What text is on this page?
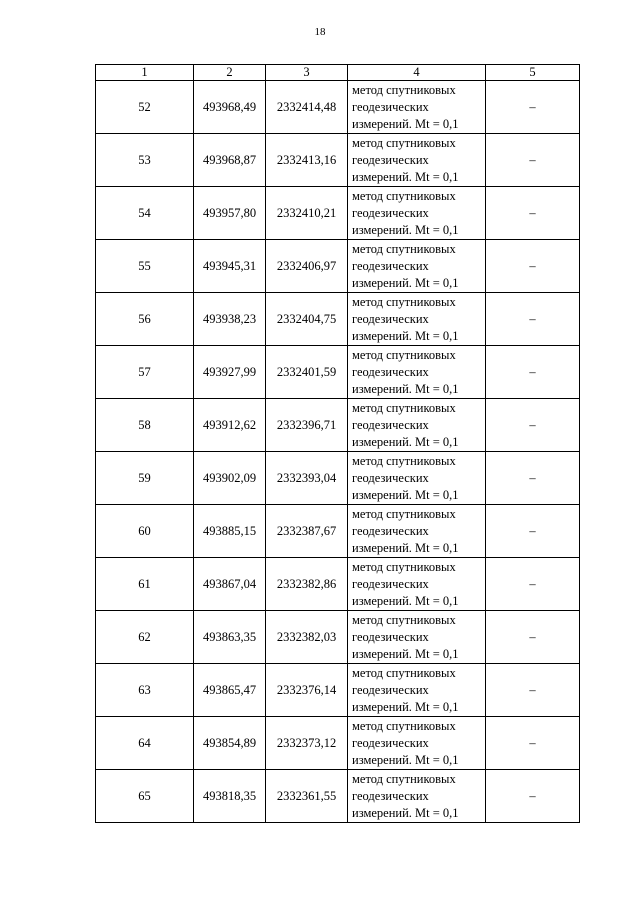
18
1	2	3	4	5
52	493968,49	2332414,48	метод спутниковых
геодезических
измерений. Mt = 0,1	–
53	493968,87	2332413,16	метод спутниковых
геодезических
измерений. Mt = 0,1	–
54	493957,80	2332410,21	метод спутниковых
геодезических
измерений. Mt = 0,1	–
55	493945,31	2332406,97	метод спутниковых
геодезических
измерений. Mt = 0,1	–
56	493938,23	2332404,75	метод спутниковых
геодезических
измерений. Mt = 0,1	–
57	493927,99	2332401,59	метод спутниковых
геодезических
измерений. Mt = 0,1	–
58	493912,62	2332396,71	метод спутниковых
геодезических
измерений. Mt = 0,1	–
59	493902,09	2332393,04	метод спутниковых
геодезических
измерений. Mt = 0,1	–
60	493885,15	2332387,67	метод спутниковых
геодезических
измерений. Mt = 0,1	–
61	493867,04	2332382,86	метод спутниковых
геодезических
измерений. Mt = 0,1	–
62	493863,35	2332382,03	метод спутниковых
геодезических
измерений. Mt = 0,1	–
63	493865,47	2332376,14	метод спутниковых
геодезических
измерений. Mt = 0,1	–
64	493854,89	2332373,12	метод спутниковых
геодезических
измерений. Mt = 0,1	–
65	493818,35	2332361,55	метод спутниковых
геодезических
измерений. Mt = 0,1	–
